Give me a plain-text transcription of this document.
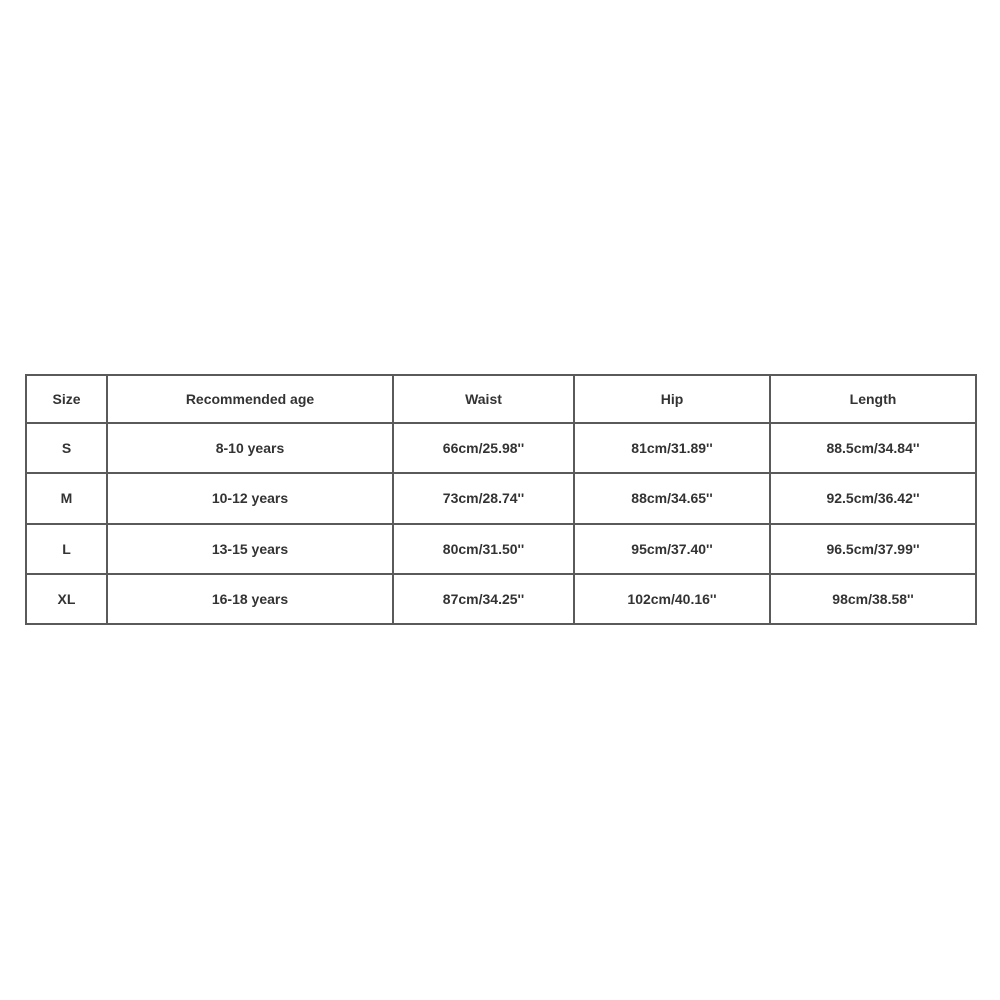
Size	Recommended age	Waist	Hip	Length
S	8-10 years	66cm/25.98''	81cm/31.89''	88.5cm/34.84''
M	10-12 years	73cm/28.74''	88cm/34.65''	92.5cm/36.42''
L	13-15 years	80cm/31.50''	95cm/37.40''	96.5cm/37.99''
XL	16-18 years	87cm/34.25''	102cm/40.16''	98cm/38.58''
